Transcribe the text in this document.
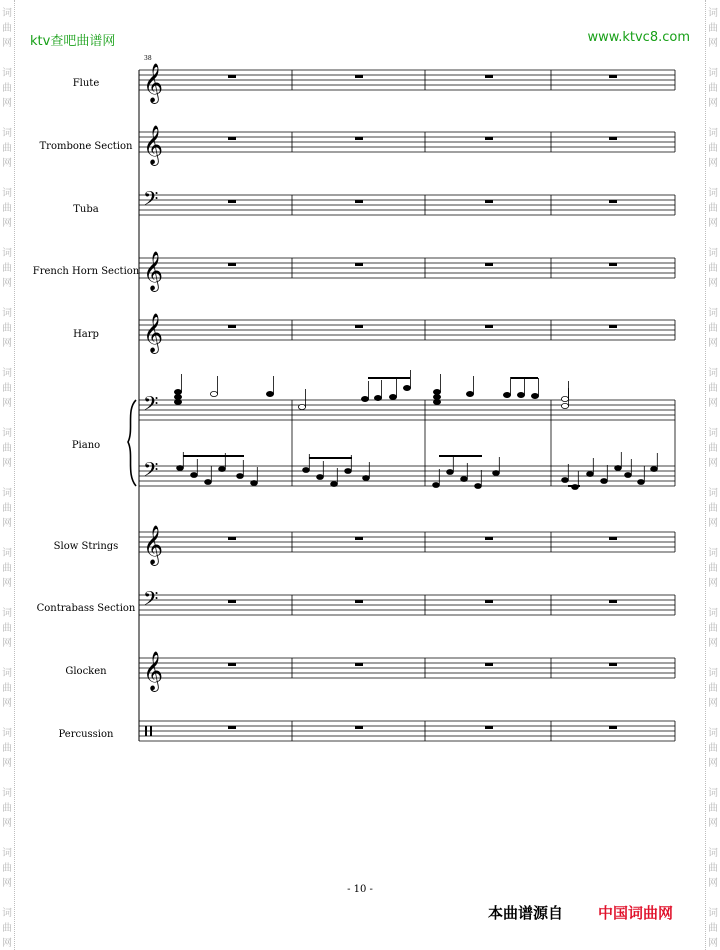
词
曲
网
词
曲
网
词
曲
网
词
曲
网
词
曲
网
词
曲
网
词
曲
网
词
曲
网
词
曲
网
词
曲
网
词
曲
网
词
曲
网
词
曲
网
词
曲
网
词
曲
网
词
曲
网
词
曲
网
词
曲
网
词
曲
网
词
曲
网
词
曲
网
词
曲
网
词
曲
网
词
曲
网
词
曲
网
词
曲
网
词
曲
网
词
曲
网
词
曲
网
词
曲
网
词
曲
网
词
曲
网
ktv查吧曲谱网	www.ktvc8.com
38
Flute
Trombone Section
Tuba
French Horn Section
Harp
Piano
Slow Strings
Contrabass Section
Glocken
Percussion
𝄞
𝄞
𝄢
𝄞
𝄞
𝄢
𝄢
𝄞
𝄢
𝄞
- 10 -
本曲谱源自 中国词曲网
